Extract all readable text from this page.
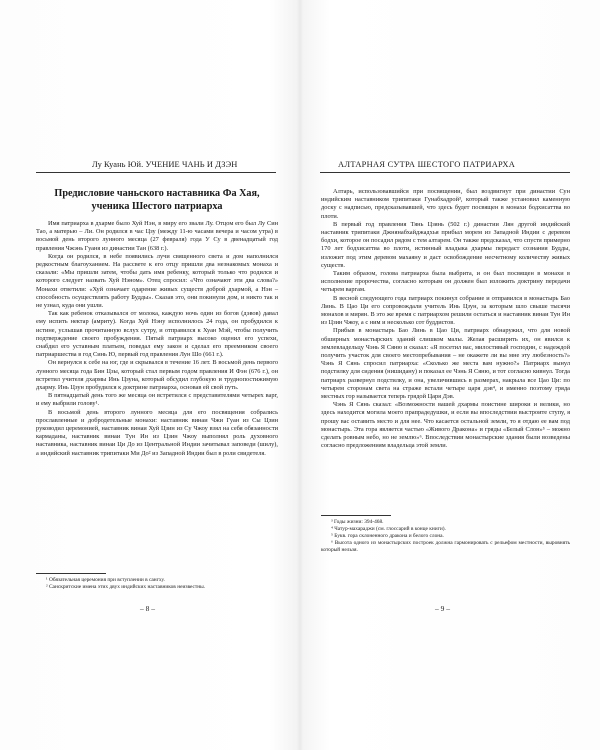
Лу Куань Юй. УЧЕНИЕ ЧАНЬ И ДЗЭН
Предисловие чаньского наставника Фа Хая,
ученика Шестого патриарха

Имя патриарха в дхарме было Хуй Нэн, в миру его звали Лу. Отцом его был Лу Син Тао, а матерью – Ли. Он родился в час Цзу (между 11-ю часами вечера и часом утра) в восьмой день второго лунного месяца (27 февраля) года У Су в двенадцатый год правления Чжэнь Гуаня из династии Тан (638 г.).

Когда он родился, в небе появились лучи священного света и дом наполнился редкостным благоуханием. На рассвете к его отцу пришли два незнакомых монаха и сказали: «Мы пришли затем, чтобы дать имя ребенку, который только что родился и которого следует назвать Хуй Нэном». Отец спросил: «Что означают эти два слова?» Монахи ответили: «Хуй означает одарение живых существ доброй дхармой, а Нэн – способность осуществлять работу Будды». Сказав это, они покинули дом, и никто так и не узнал, куда они ушли.

Так как ребенок отказывался от молока, каждую ночь один из богов (дэвов) давал ему испить нектар (амриту). Когда Хуй Нэну исполнилось 24 года, он пробудился к истине, услышав прочитанную вслух сутру, и отправился к Хуан Мэй, чтобы получить подтверждение своего пробуждения. Пятый патриарх высоко оценил его успехи, снабдил его уставным платьем, поведал ему закон и сделал его преемником своего патриаршества в год Синь Ю, первый год правления Лун Шо (661 г.).

Он вернулся к себе на юг, где и скрывался в течение 16 лет. В восьмой день первого лунного месяца года Бин Цзы, который стал первым годом правления И Фэн (676 г.), он встретил учителя дхармы Инь Цзуна, который обсудил глубокую и труднопостижимую дхарму. Инь Цзун пробудился к доктрине патриарха, основав ей свой путь.

В пятнадцатый день того же месяца он встретился с представителями четырех варг, и ему выбрили голову¹.

В восьмой день второго лунного месяца для его посвящения собрались прославленные и добродетельные монахи: наставник винаи Чжи Гуан из Сы Цзин руководил церемонией, наставник винаи Хуй Цзин из Су Чжоу взял на себя обязанности кармаданы, наставник винаи Тун Ин из Цзин Чжоу выполнял роль духовного наставника, наставник винаи Ци До из Центральной Индии зачитывал заповеди (шилу), а индийский наставник трипитаки Ми До² из Западной Индии был в роли свидетеля.

¹ Обязательная церемония при вступлении в сангху.

² Санскритские имена этих двух индийских наставников неизвестны.

– 8 –
АЛТАРНАЯ СУТРА ШЕСТОГО ПАТРИАРХА

Алтарь, использовавшийся при посвящении, был воздвигнут при династии Сун индийским наставником трипитаки Гунабхадрой³, который также установил каменную доску с надписью, предсказывавшей, что здесь будет посвящен в монахи бодхисаттва во плоти.

В первый год правления Тянь Цзянь (502 г.) династии Лян другой индийский наставник трипитаки Джнянабхайджадхья прибыл морем из Западной Индии с деревом бодхи, которое он посадил рядом с тем алтарем. Он также предсказал, что спустя примерно 170 лет бодхисаттва во плоти, истинный владыка дхармы передаст сознания Будды, изложит под этим деревом махаяну и даст освобождение несчетному количеству живых существ.

Таким образом, голова патриарха была выбрита, и он был посвящен в монахи в исполнение пророчества, согласно которым он должен был изложить доктрину передачи четырем варгам.

В весной следующего года патриарх покинул собрание и отправился в монастырь Бао Линь. В Цао Ци его сопровождали учитель Инь Цзун, за которым шло свыше тысячи монахов и мирян. В это же время с патриархом решили остаться и наставник винаи Тун Ин из Цзин Чжоу, а с ним и несколько сот буддистов.

Прибыв в монастырь Бао Линь в Цао Ци, патриарх обнаружил, что для новой обширных монастырских зданий слишком малы. Желая расширить их, он явился к землевладельцу Чэнь Я Сяню и сказал: «Я посетил вас, милостивый господин, с надеждой получить участок для своего местопребывания – не окажете ли вы мне эту любезность?» Чэнь Я Сянь спросил патриарха: «Сколько же места вам нужно?» Патриарх вынул подстилку для сидения (нишидану) и показал ее Чэнь Я Сяню, и тот согласно кивнул. Тогда патриарх развернул подстилку, и она, увеличившись в размерах, накрыла все Цао Ци: по четырем сторонам света на страже встали четыре царя дэв⁴, и именно поэтому гряда местных гор называется теперь грядой Царя Дэв.

Чэнь Я Сянь сказал: «Возможности вашей дхармы поистине широки и велики, но здесь находится могила моего прапрадедушки, и если вы впоследствии выстроите ступу, я прошу вас оставить место и для нее. Что касается остальной земли, то я отдаю ее вам под монастырь. Эта гора является частью «Живого Дракона» и гряды «Белый Слон»⁵ – можно сделать ровным небо, но не землю»⁶. Впоследствии монастырские здания были возведены согласно предложениям владельца этой земли.

³ Годы жизни: 394-468.

⁴ Чатур-махараджи (см. глоссарий в конце книги).

⁵ Букв. гора склоненного дракона и белого слона.

⁶ Высота одного из монастырских построек должна гармонировать с рельефом местности, выровнять который нельзя.

– 9 –
